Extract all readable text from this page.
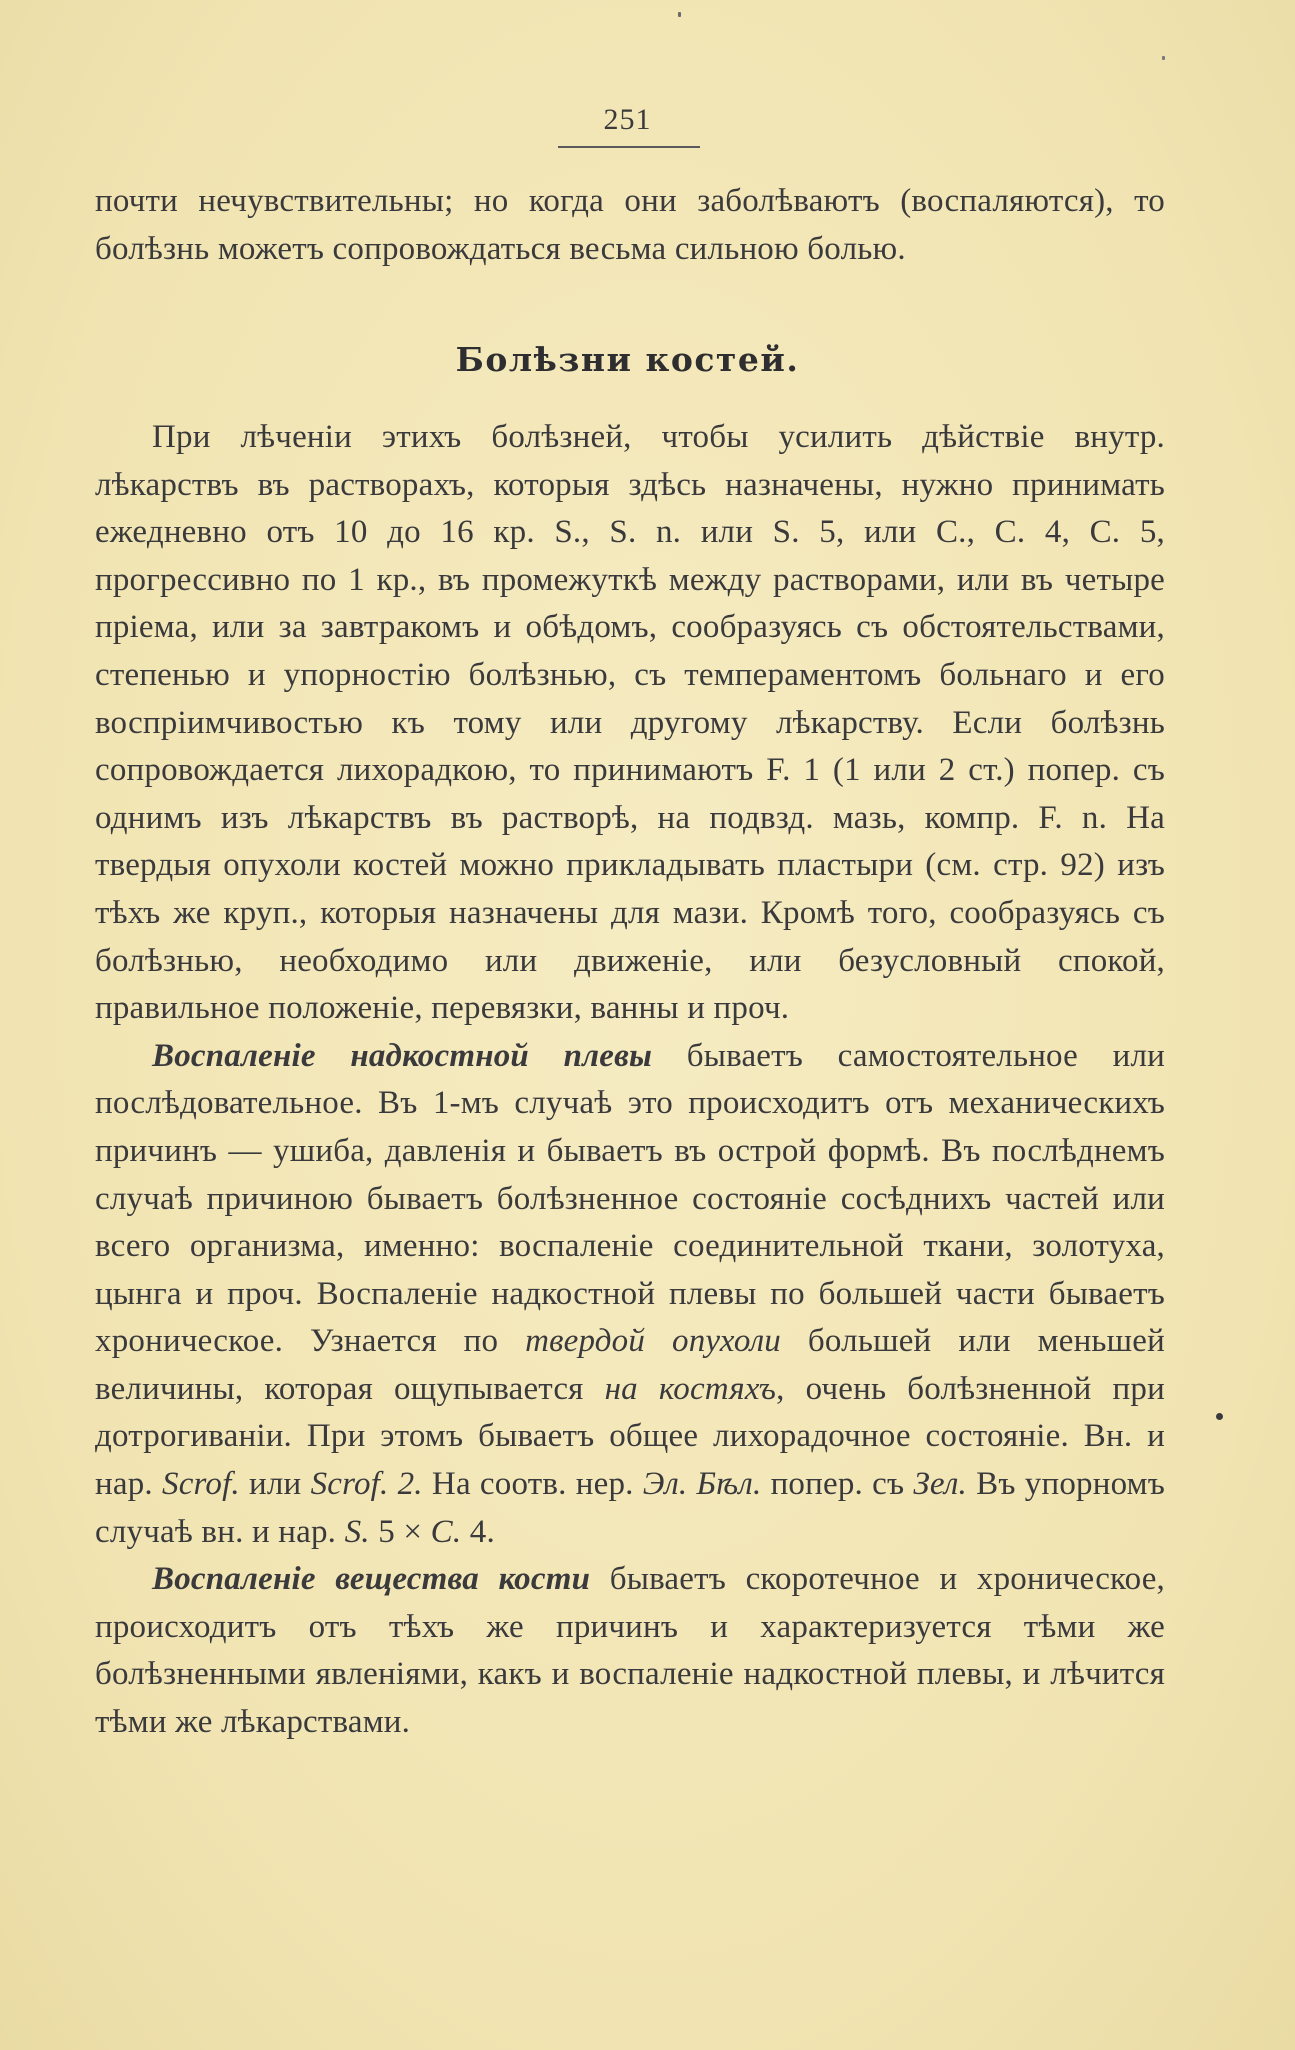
251

почти нечувствительны; но когда они заболѣваютъ (воспаляются), то болѣзнь можетъ сопровождаться весьма сильною болью.

Болѣзни костей.

При лѣченіи этихъ болѣзней, чтобы усилить дѣйствіе внутр. лѣкарствъ въ растворахъ, которыя здѣсь назначены, нужно принимать ежедневно отъ 10 до 16 кр. S., S. n. или S. 5, или C., C. 4, C. 5, прогрессивно по 1 кр., въ промежуткѣ между растворами, или въ четыре пріема, или за завтракомъ и обѣдомъ, сообразуясь съ обстоятельствами, степенью и упорностію болѣзнью, съ темпераментомъ больнаго и его воспріимчивостью къ тому или другому лѣкарству. Если болѣзнь сопровождается лихорадкою, то принимаютъ F. 1 (1 или 2 ст.) попер. съ однимъ изъ лѣкарствъ въ растворѣ, на подвзд. мазь, компр. F. n. На твердыя опухоли костей можно прикладывать пластыри (см. стр. 92) изъ тѣхъ же круп., которыя назначены для мази. Кромѣ того, сообразуясь съ болѣзнью, необходимо или движеніе, или безусловный спокой, правильное положеніе, перевязки, ванны и проч.

Воспаленіе надкостной плевы бываетъ самостоятельное или послѣдовательное. Въ 1-мъ случаѣ это происходитъ отъ механическихъ причинъ — ушиба, давленія и бываетъ въ острой формѣ. Въ послѣднемъ случаѣ причиною бываетъ болѣзненное состояніе сосѣднихъ частей или всего организма, именно: воспаленіе соединительной ткани, золотуха, цынга и проч. Воспаленіе надкостной плевы по большей части бываетъ хроническое. Узнается по твердой опухоли большей или меньшей величины, которая ощупывается на костяхъ, очень болѣзненной при дотрогиваніи. При этомъ бываетъ общее лихорадочное состояніе. Вн. и нар. Scrof. или Scrof. 2. На соотв. нер. Эл. Бѣл. попер. съ Зел. Въ упорномъ случаѣ вн. и нар. S. 5 × C. 4.

Воспаленіе вещества кости бываетъ скоротечное и хроническое, происходитъ отъ тѣхъ же причинъ и характеризуется тѣми же болѣзненными явленіями, какъ и воспаленіе надкостной плевы, и лѣчится тѣми же лѣкарствами.
